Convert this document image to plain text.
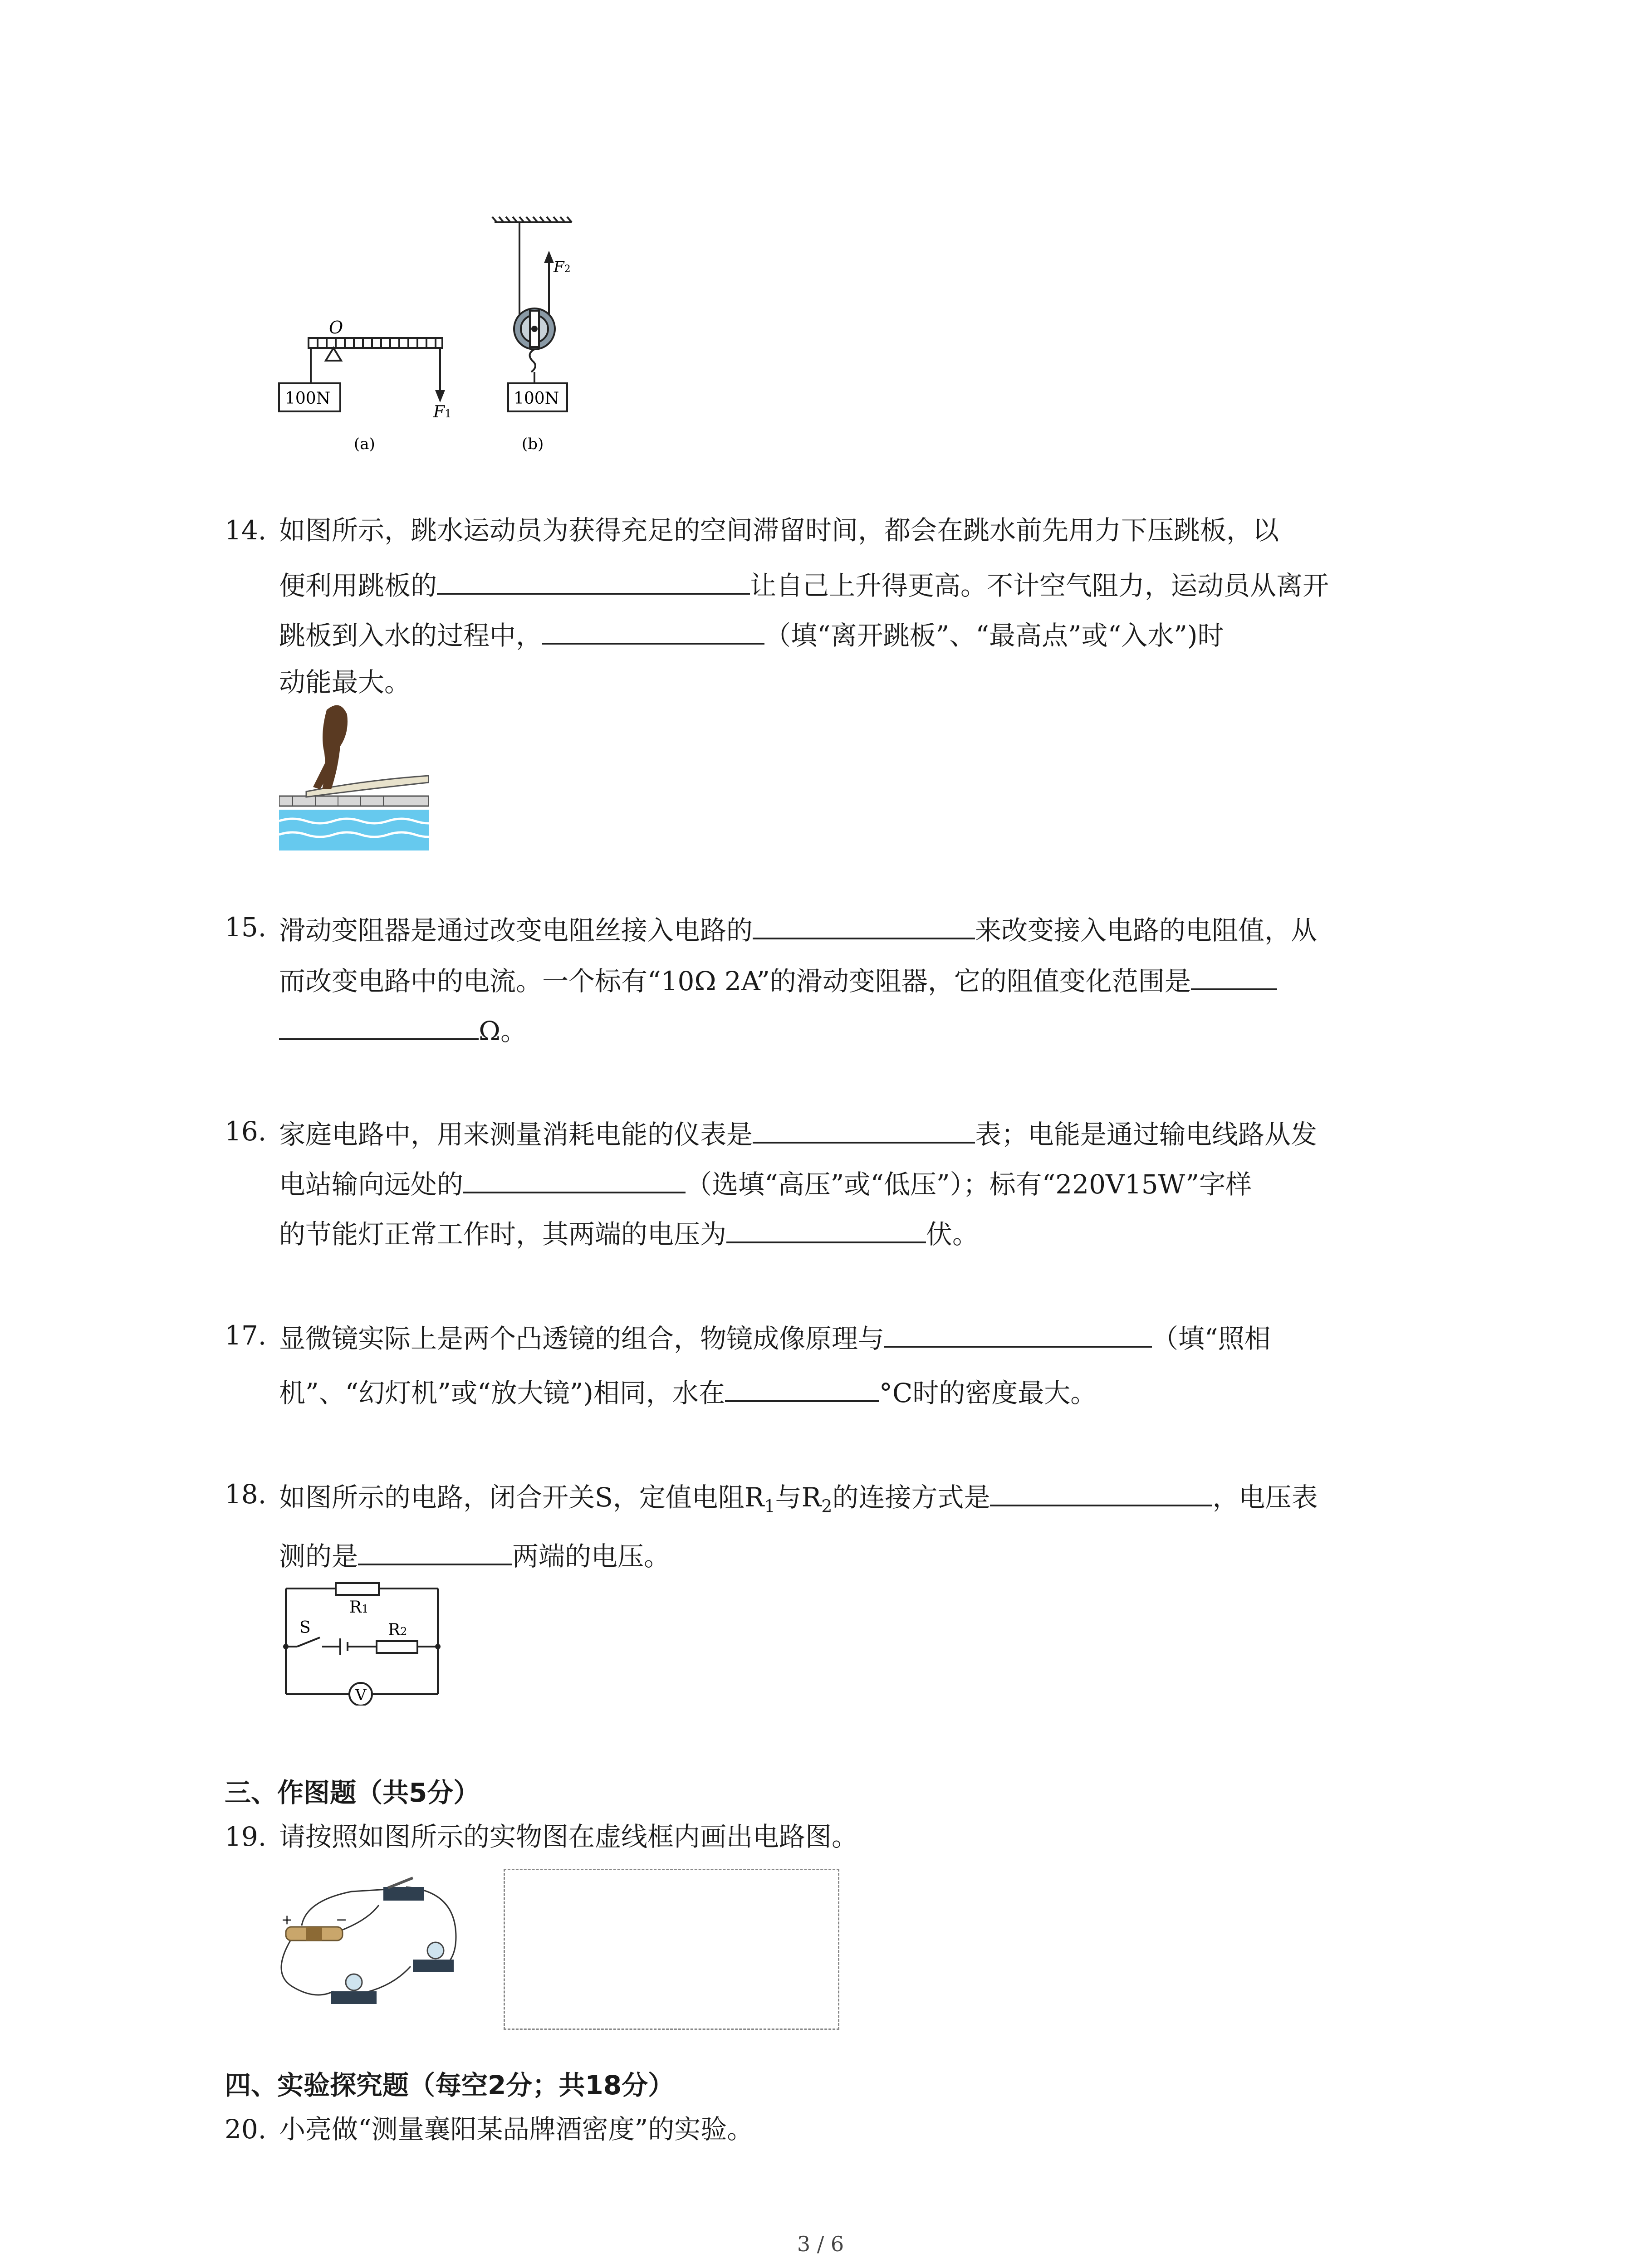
O
100N
F1
(a)
F2
100N
(b)
14. 如图所示，跳水运动员为获得充足的空间滞留时间，都会在跳水前先用力下压跳板，以
便利用跳板的	让自己上升得更高。不计空气阻力，运动员从离开
跳板到入水的过程中，	（填“离开跳板”、“最高点”或“入水”)时
动能最大。
15. 滑动变阻器是通过改变电阻丝接入电路的	来改变接入电路的电阻值，从
而改变电路中的电流。一个标有“10Ω 2A”的滑动变阻器，它的阻值变化范围是
Ω。
16. 家庭电路中，用来测量消耗电能的仪表是	表；电能是通过输电线路从发
电站输向远处的	（选填“高压”或“低压”）；标有“220V15W”字样
的节能灯正常工作时，其两端的电压为	伏。
17. 显微镜实际上是两个凸透镜的组合，物镜成像原理与	（填“照相
机”、“幻灯机”或“放大镜”)相同，水在	°C时的密度最大。
18. 如图所示的电路，闭合开关S，定值电阻$R_1$与$R_2$的连接方式是	，电压表
测的是	两端的电压。
R1
R2
S
V
三、作图题（共5分）
19. 请按照如图所示的实物图在虚线框内画出电路图。
+	−
四、实验探究题（每空2分；共18分）
20. 小亮做“测量襄阳某品牌酒密度”的实验。
3 / 6
